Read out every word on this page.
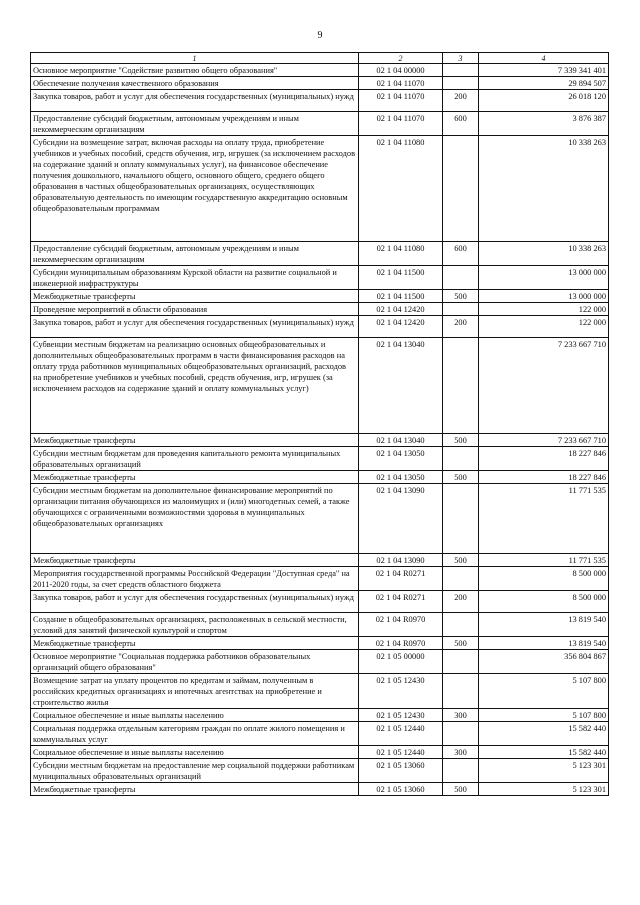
9
1	2	3	4
Основное мероприятие "Содействие развитию общего образования"	02 1 04 00000		7 339 341 401
Обеспечение получения качественного образования	02 1 04 11070		29 894 507
Закупка товаров, работ и услуг для обеспечения государственных (муниципальных) нужд	02 1 04 11070	200	26 018 120
Предоставление субсидий бюджетным, автономным учреждениям и иным некоммерческим организациям	02 1 04 11070	600	3 876 387
Субсидии на возмещение затрат, включая расходы на оплату труда, приобретение учебников и учебных пособий, средств обучения, игр, игрушек (за исключением расходов на содержание зданий и оплату коммунальных услуг), на финансовое обеспечение получения дошкольного, начального общего, основного общего, среднего общего образования в частных общеобразовательных организациях, осуществляющих образовательную деятельность по имеющим государственную аккредитацию основным общеобразовательным программам	02 1 04 11080		10 338 263
Предоставление субсидий бюджетным, автономным учреждениям и иным некоммерческим организациям	02 1 04 11080	600	10 338 263
Субсидии муниципальным образованиям Курской области на развитие социальной и инженерной инфраструктуры	02 1 04 11500		13 000 000
Межбюджетные трансферты	02 1 04 11500	500	13 000 000
Проведение мероприятий в области образования	02 1 04 12420		122 000
Закупка товаров, работ и услуг для обеспечения государственных (муниципальных) нужд	02 1 04 12420	200	122 000
Субвенции местным бюджетам на реализацию основных общеобразовательных и дополнительных общеобразовательных программ в части финансирования расходов на оплату труда работников муниципальных общеобразовательных организаций, расходов на приобретение учебников и учебных пособий, средств обучения, игр, игрушек (за исключением расходов на содержание зданий и оплату коммунальных услуг)	02 1 04 13040		7 233 667 710
Межбюджетные трансферты	02 1 04 13040	500	7 233 667 710
Субсидии местным бюджетам для проведения капитального ремонта муниципальных образовательных организаций	02 1 04 13050		18 227 846
Межбюджетные трансферты	02 1 04 13050	500	18 227 846
Субсидии местным бюджетам на дополнительное финансирование мероприятий по организации питания обучающихся из малоимущих и (или) многодетных семей, а также обучающихся с ограниченными возможностями здоровья в муниципальных общеобразовательных организациях	02 1 04 13090		11 771 535
Межбюджетные трансферты	02 1 04 13090	500	11 771 535
Мероприятия государственной программы Российской Федерации "Доступная среда" на 2011-2020 годы, за счет средств областного бюджета	02 1 04 R0271		8 500 000
Закупка товаров, работ и услуг для обеспечения государственных (муниципальных) нужд	02 1 04 R0271	200	8 500 000
Создание в общеобразовательных организациях, расположенных в сельской местности, условий для занятий физической культурой и спортом	02 1 04 R0970		13 819 540
Межбюджетные трансферты	02 1 04 R0970	500	13 819 540
Основное мероприятие "Социальная поддержка работников образовательных организаций общего образования"	02 1 05 00000		356 804 867
Возмещение затрат на уплату процентов по кредитам и займам, полученным в российских кредитных организациях и ипотечных агентствах на приобретение и строительство жилья	02 1 05 12430		5 107 800
Социальное обеспечение и иные выплаты населению	02 1 05 12430	300	5 107 800
Социальная поддержка отдельным категориям граждан по оплате жилого помещения и коммунальных услуг	02 1 05 12440		15 582 440
Социальное обеспечение и иные выплаты населению	02 1 05 12440	300	15 582 440
Субсидии местным бюджетам на предоставление мер социальной поддержки работникам муниципальных образовательных организаций	02 1 05 13060		5 123 301
Межбюджетные трансферты	02 1 05 13060	500	5 123 301
